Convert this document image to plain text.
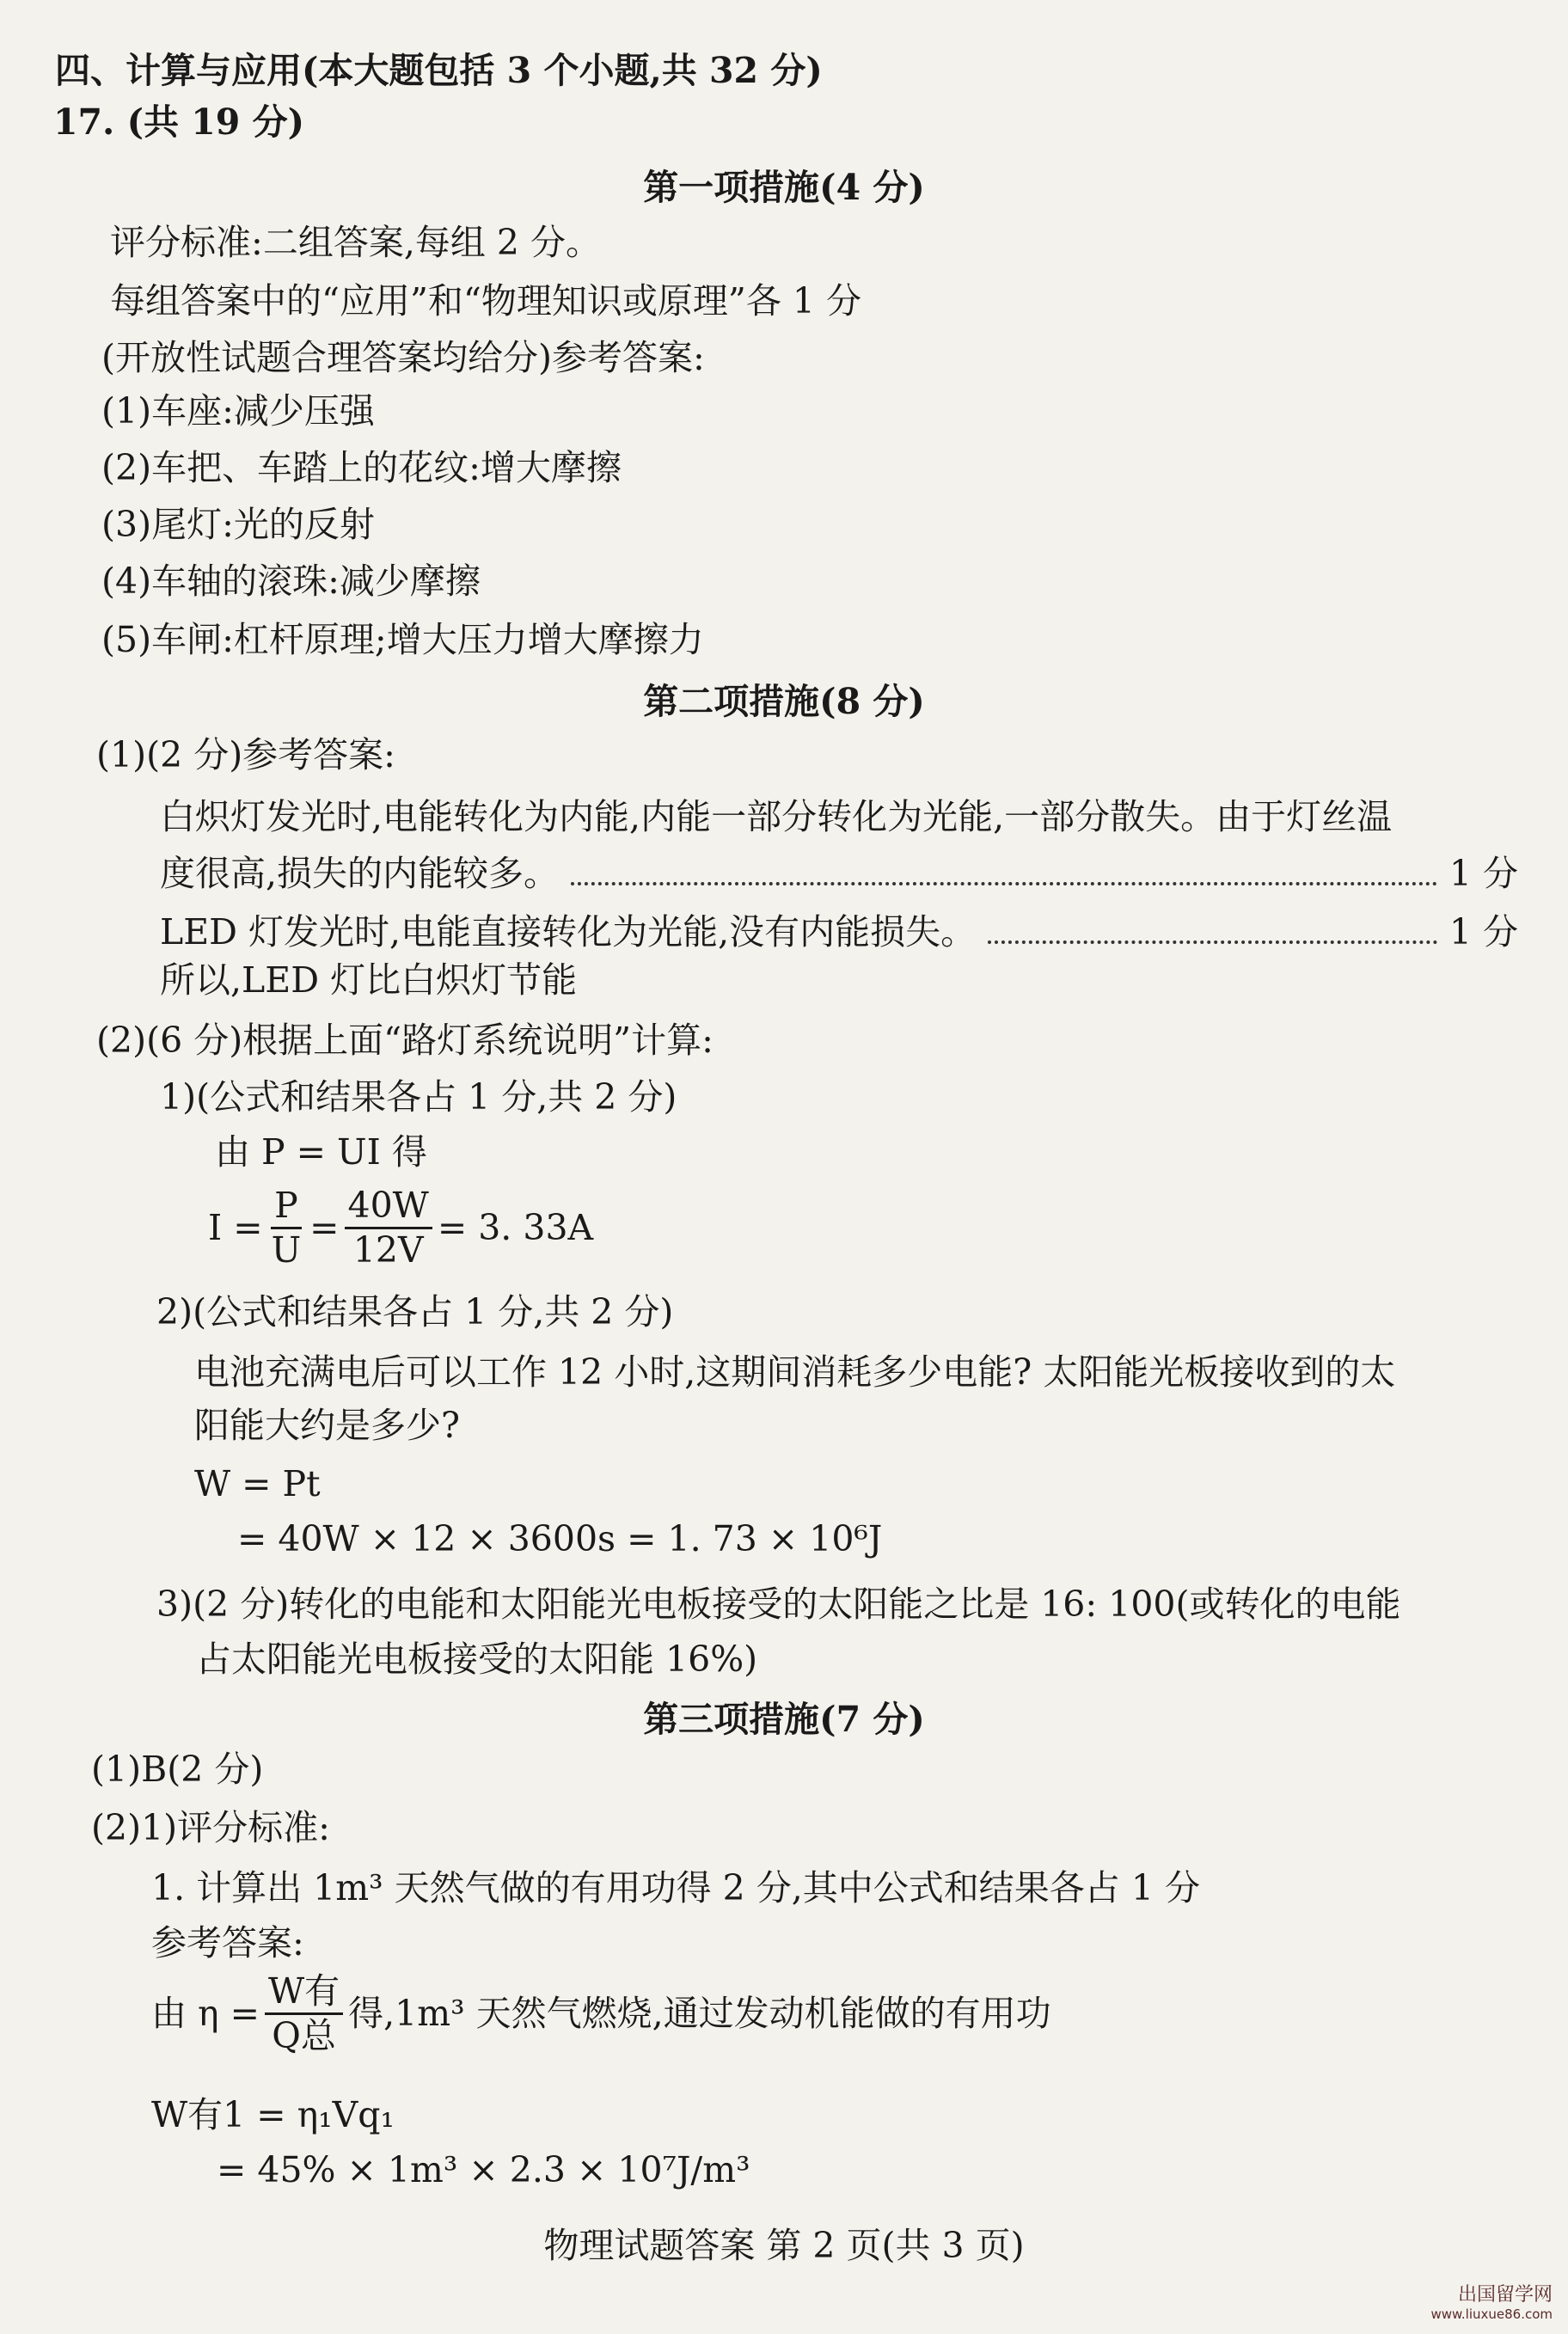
四、计算与应用(本大题包括 3 个小题,共 32 分)
17. (共 19 分)
第一项措施(4 分)
评分标准:二组答案,每组 2 分。
每组答案中的“应用”和“物理知识或原理”各 1 分
(开放性试题合理答案均给分)参考答案:
(1)车座:减少压强
(2)车把、车踏上的花纹:增大摩擦
(3)尾灯:光的反射
(4)车轴的滚珠:减少摩擦
(5)车闸:杠杆原理;增大压力增大摩擦力
第二项措施(8 分)
(1)(2 分)参考答案:
白炽灯发光时,电能转化为内能,内能一部分转化为光能,一部分散失。由于灯丝温
度很高,损失的内能较多。	1 分
LED 灯发光时,电能直接转化为光能,没有内能损失。	1 分
所以,LED 灯比白炽灯节能
(2)(6 分)根据上面“路灯系统说明”计算:
1)(公式和结果各占 1 分,共 2 分)
由 P = UI 得
$I = \frac{P}{U} = \frac{40W}{12V} = 3$. 33A
2)(公式和结果各占 1 分,共 2 分)
电池充满电后可以工作 12 小时,这期间消耗多少电能? 太阳能光板接收到的太
阳能大约是多少?
W = Pt
= 40W × 12 × 3600s = 1. 73 × 10⁶J
3)(2 分)转化的电能和太阳能光电板接受的太阳能之比是 16: 100(或转化的电能
占太阳能光电板接受的太阳能 16%)
第三项措施(7 分)
(1)B(2 分)
(2)1)评分标准:
1. 计算出 1m³ 天然气做的有用功得 2 分,其中公式和结果各占 1 分
参考答案:
由 $\eta = \frac{\text{W有}}{\text{Q总}}$ 得,1m³ 天然气燃烧,通过发动机能做的有用功
W有1 = η₁Vq₁
= 45% × 1m³ × 2.3 × 10⁷J/m³
物理试题答案 第 2 页(共 3 页)
出国留学网
www.liuxue86.com
